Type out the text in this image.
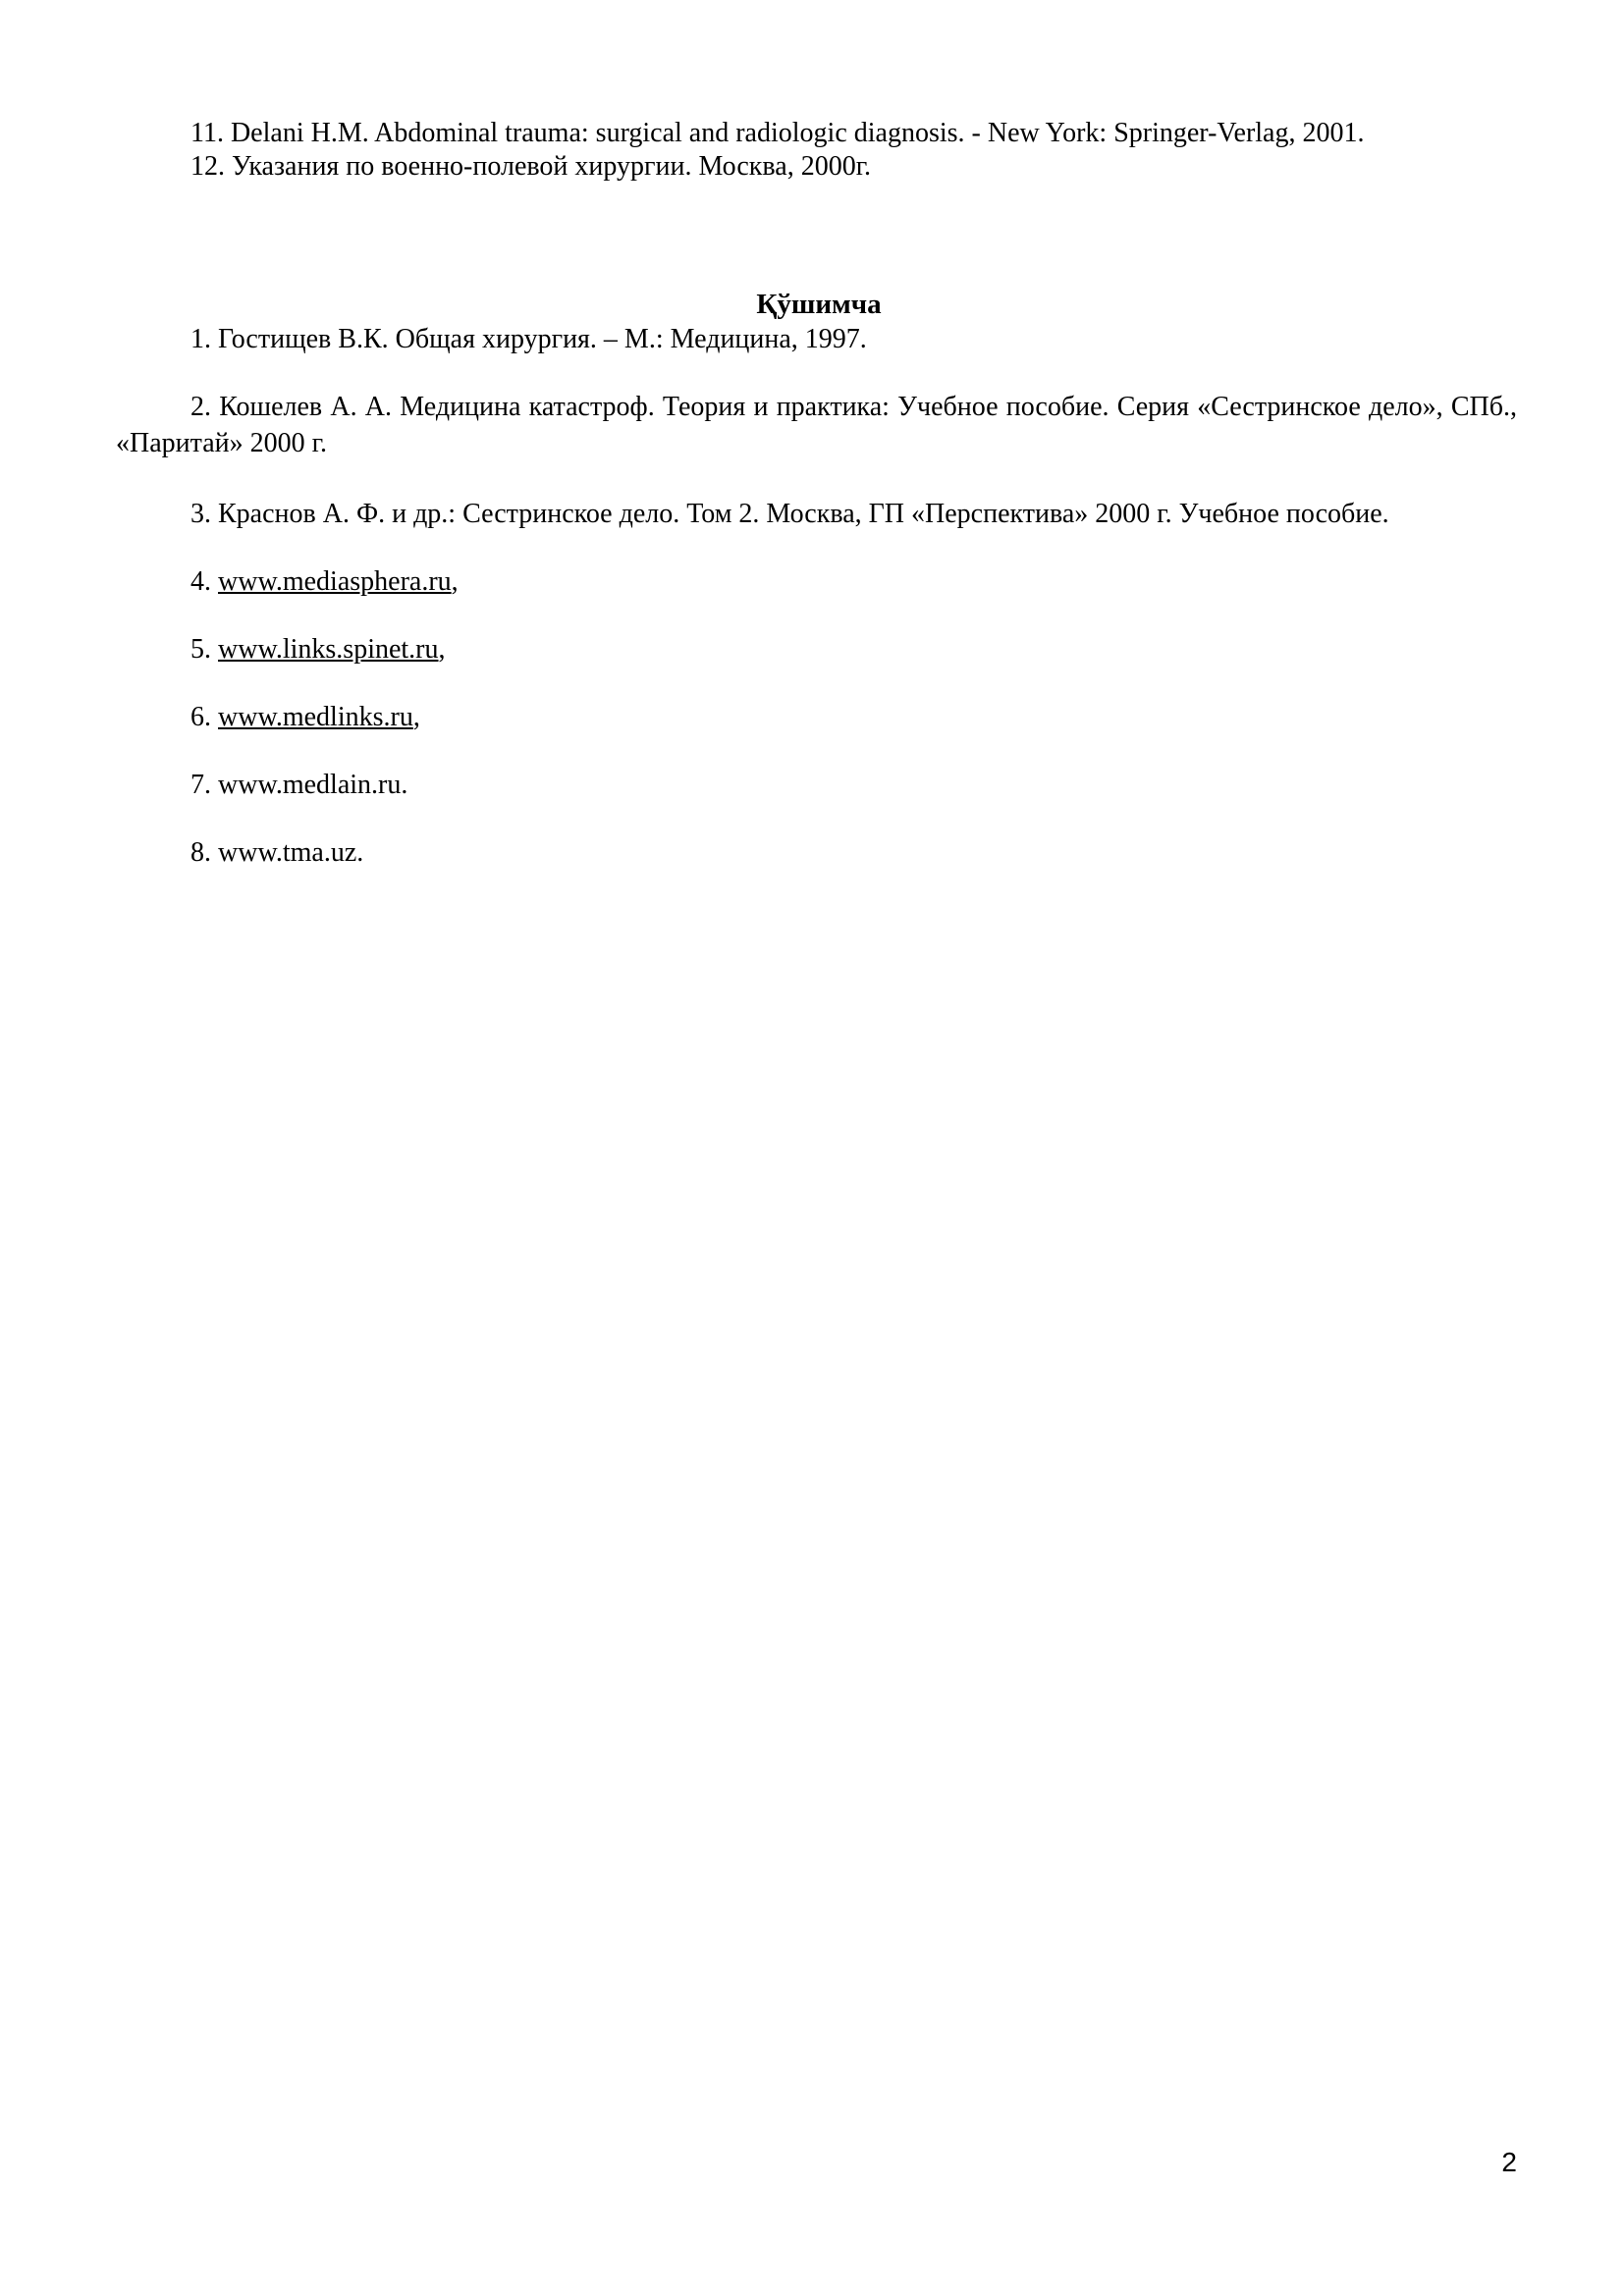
11. Delani H.M. Abdominal trauma: surgical and radiologic diagnosis. - New York: Springer-Verlag, 2001.
12. Указания по военно-полевой хирургии. Москва, 2000г.
Қўшимча
1. Гостищев В.К. Общая хирургия. – М.: Медицина, 1997.
2. Кошелев А. А. Медицина катастроф. Теория и практика: Учебное пособие. Серия «Сестринское дело», СПб., «Паритай» 2000 г.
3. Краснов А. Ф. и др.: Сестринское дело. Том 2. Москва, ГП «Перспектива» 2000 г. Учебное пособие.
4. www.mediasphera.ru,
5. www.links.spinet.ru,
6. www.medlinks.ru,
7. www.medlain.ru.
8. www.tma.uz.
2
